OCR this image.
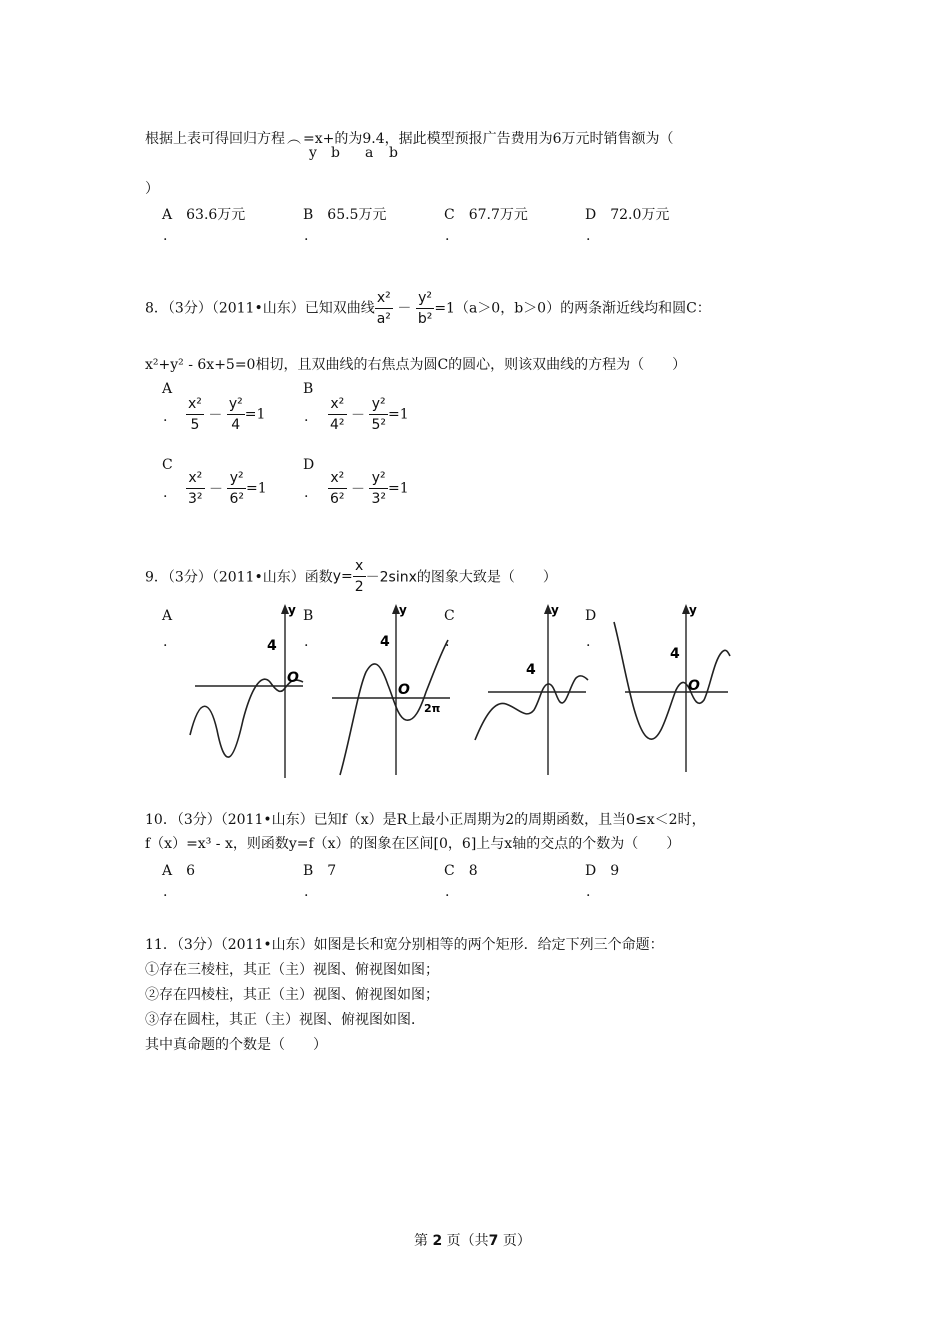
根据上表可得回归方程 ︵ =x+的为9.4，据此模型预报广告费用为6万元时销售额为（
y b a b
）
A　 63.6万元	B　 65.5万元	C　 67.7万元	D　 72.0万元
.	.	.	.
8．（3分）（2011•山东）已知双曲线 $\frac{\text{x²}}{\text{a²}} - \frac{\text{y²}}{\text{b²}} =1(a>0$，b＞0）的两条渐近线均和圆C：
x²+y² - 6x+5=0相切，且双曲线的右焦点为圆C的圆心，则该双曲线的方程为（　　）
A
. $\frac{\text{x²}}{5} - \frac{\text{y²}}{4} =1$
B
. $\frac{\text{x²}}{\text{4²}} - \frac{\text{y²}}{\text{5²}} =1$
C
. $\frac{\text{x²}}{\text{3²}} - \frac{\text{y²}}{\text{6²}} =1$
D
. $\frac{\text{x²}}{\text{6²}} - \frac{\text{y²}}{\text{3²}} =1$
9．（3分）（2011•山东）函数$y= \frac{x}{2} -2\sin x$的图象大致是（　　）
A
.
B
.
C
.
D
.
y
4
O
y
4
O
2π
y
4
y
4
O
10．（3分）（2011•山东）已知f（x）是R上最小正周期为2的周期函数，且当0≤x＜2时，
f（x）=x³ - x，则函数y=f（x）的图象在区间[0，6]上与x轴的交点的个数为（　　）
A　 6	B　 7	C　 8	D　 9
.	.	.	.
11．（3分）（2011•山东）如图是长和宽分别相等的两个矩形．给定下列三个命题：
①存在三棱柱，其正（主）视图、俯视图如图；
②存在四棱柱，其正（主）视图、俯视图如图；
③存在圆柱，其正（主）视图、俯视图如图．
其中真命题的个数是（　　）
第 2 页（共7 页）
